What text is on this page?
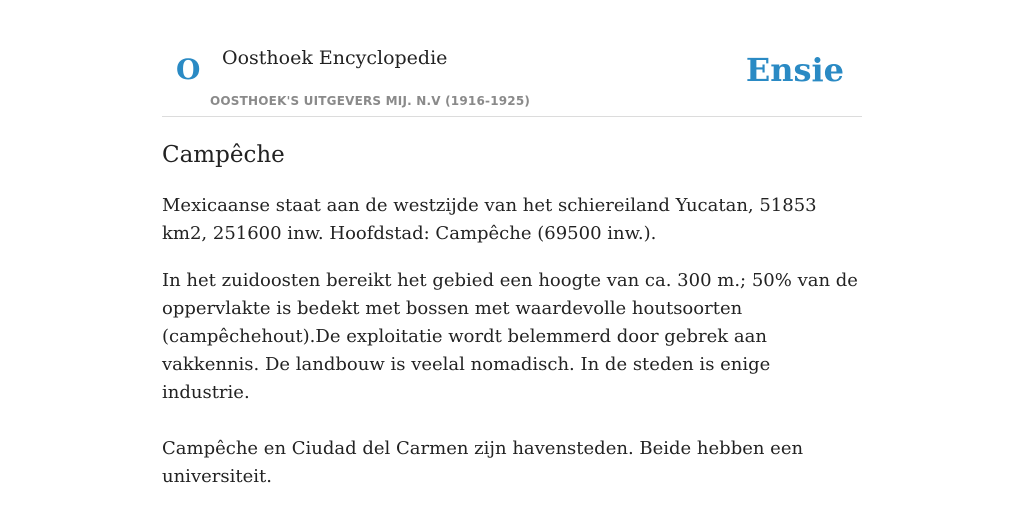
O Oosthoek Encyclopedie
OOSTHOEK'S UITGEVERS MIJ. N.V (1916-1925)
Ensie
Campêche

Mexicaanse staat aan de westzijde van het schiereiland Yucatan, 51853 km2, 251600 inw. Hoofdstad: Campêche (69500 inw.).

In het zuidoosten bereikt het gebied een hoogte van ca. 300 m.; 50% van de oppervlakte is bedekt met bossen met waardevolle houtsoorten (campêchehout).De exploitatie wordt belemmerd door gebrek aan vakkennis. De landbouw is veelal nomadisch. In de steden is enige industrie.

Campêche en Ciudad del Carmen zijn havensteden. Beide hebben een universiteit.
